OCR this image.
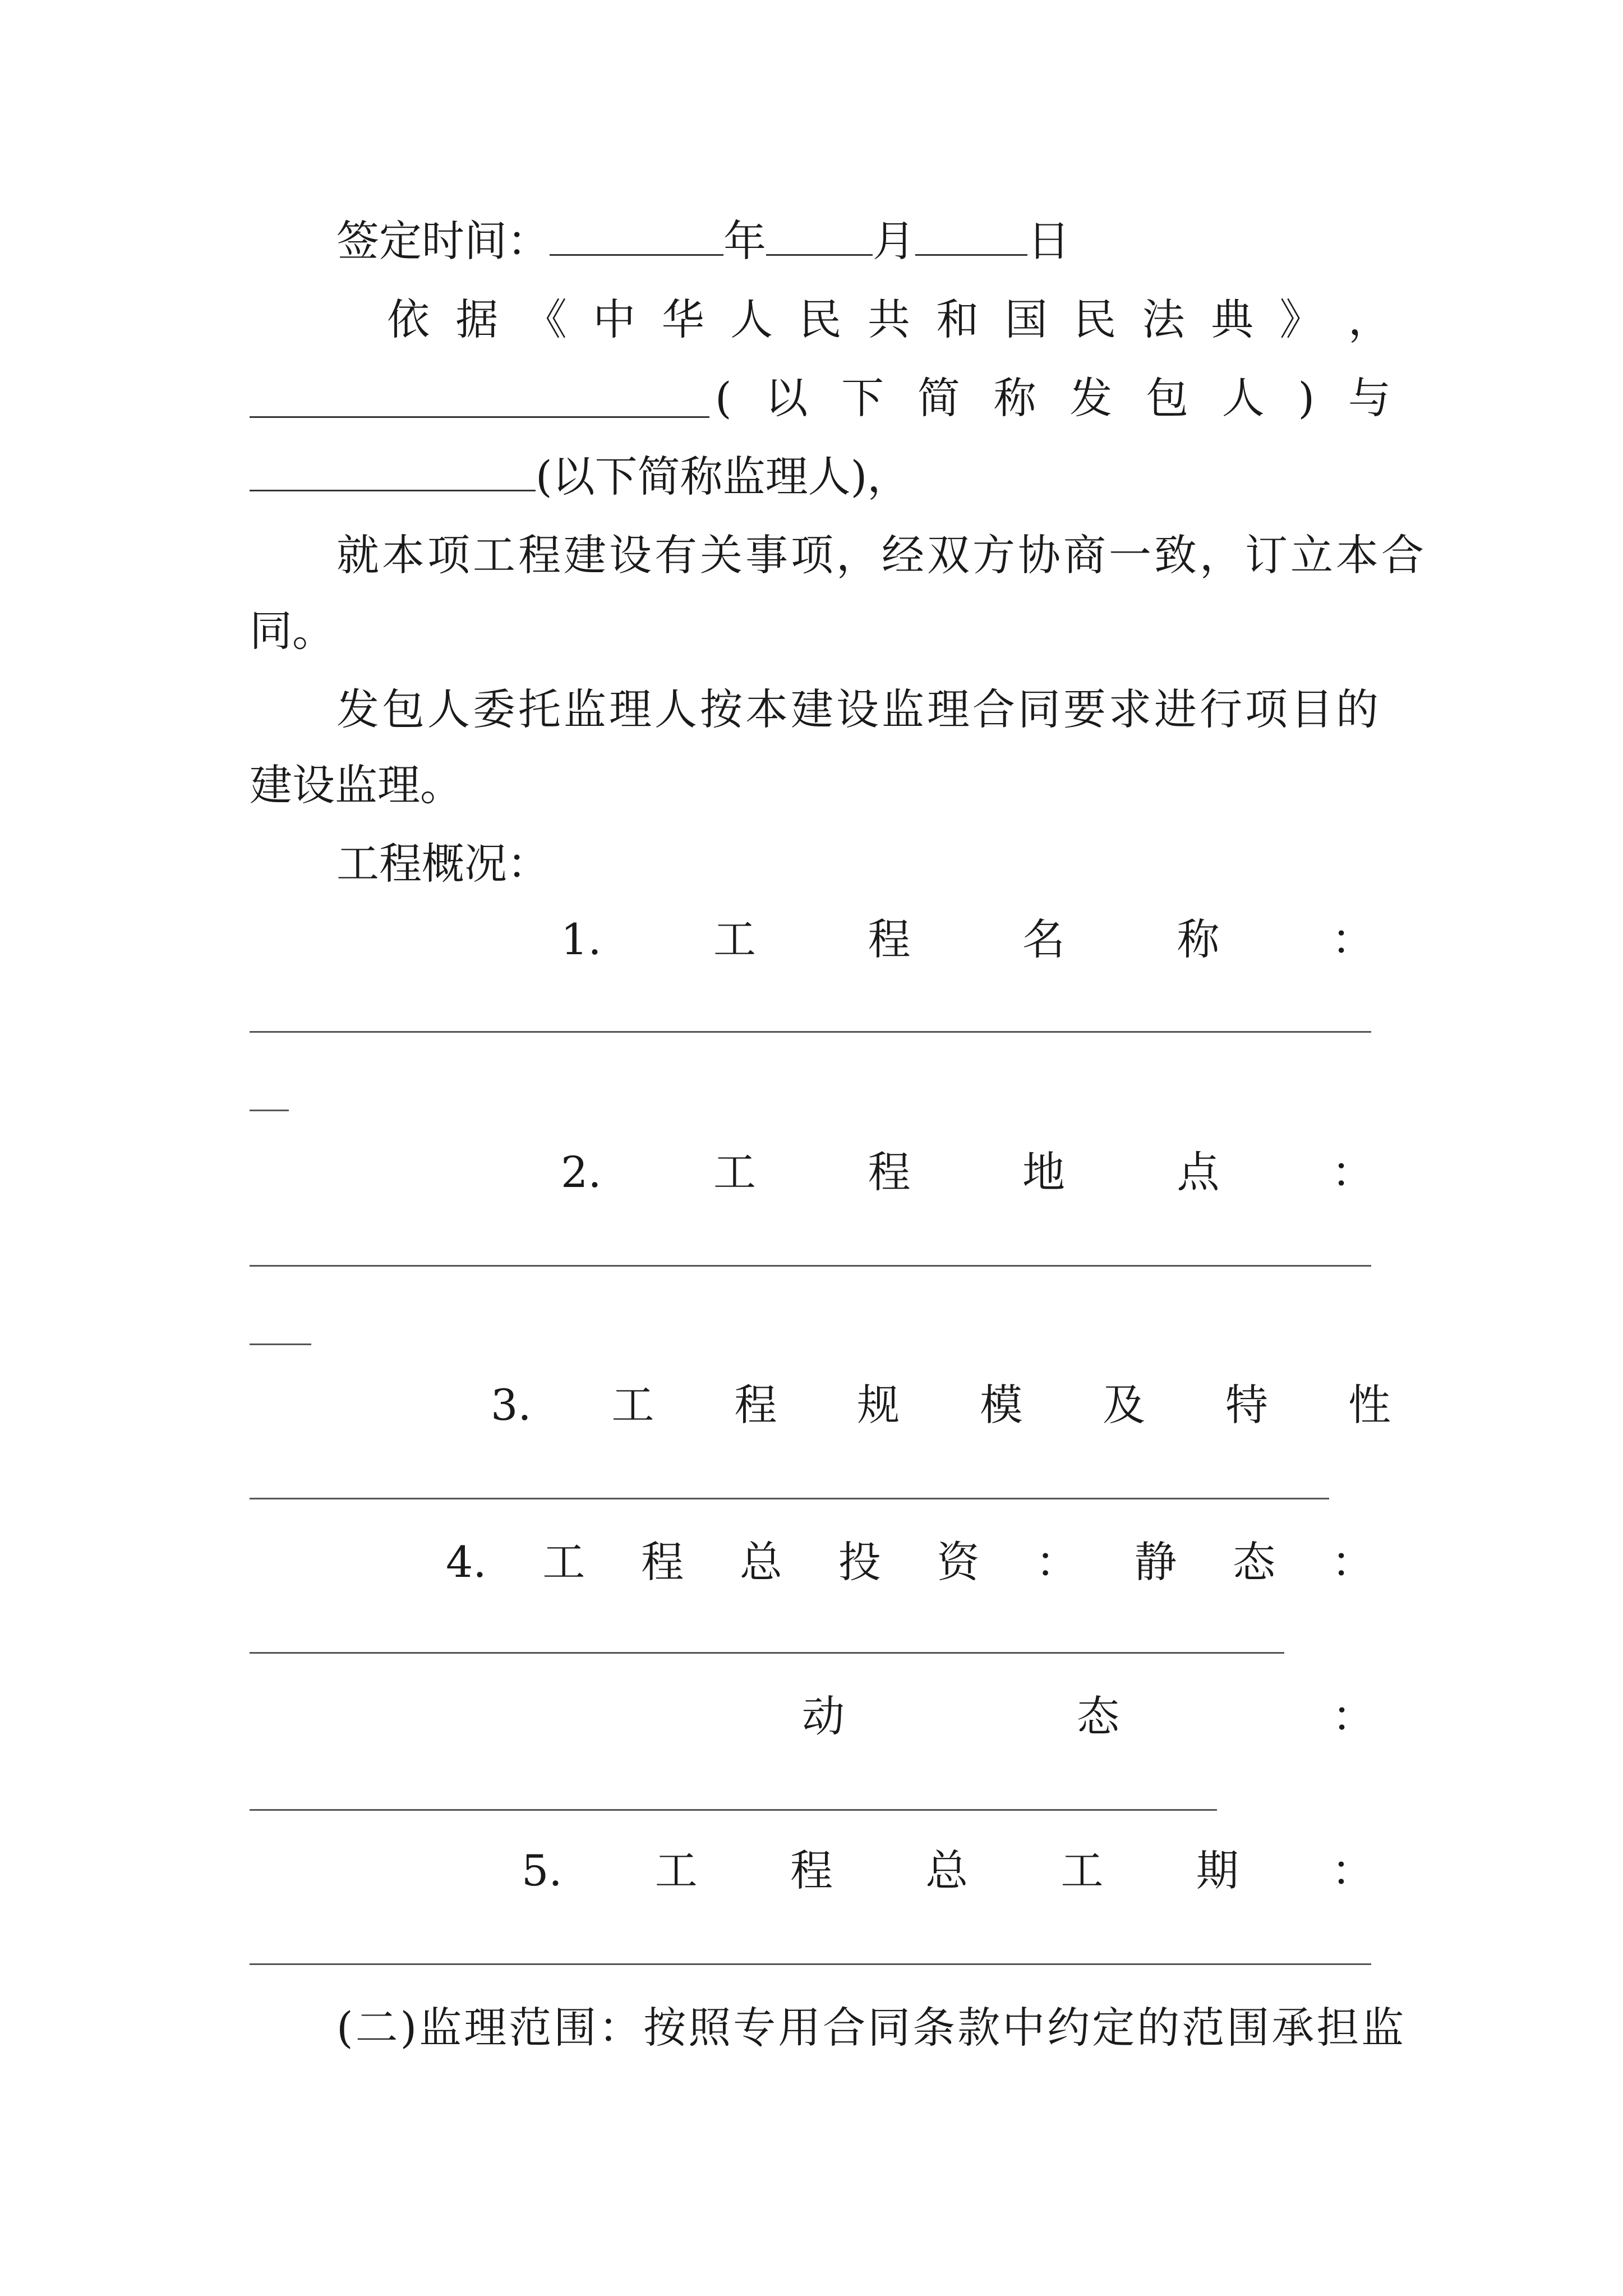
签定时间：	年	月	日
依 据 《 中 华 人 民 共 和 国 民 法 典 》 ，
( 以 下 简 称 发 包 人 ) 与
(以下简称监理人)，
就本项工程建设有关事项，经双方协商一致，订立本合
同。
发包人委托监理人按本建设监理合同要求进行项目的
建设监理。
工程概况：
1.	工	程	名	称	：
2.	工	程	地	点	：
3. 工 程 规 模 及 特 性
4. 工 程 总 投 资 ： 静 态 ：
动	态	：
5. 工 程 总 工 期 ：
(二)监理范围：按照专用合同条款中约定的范围承担监
